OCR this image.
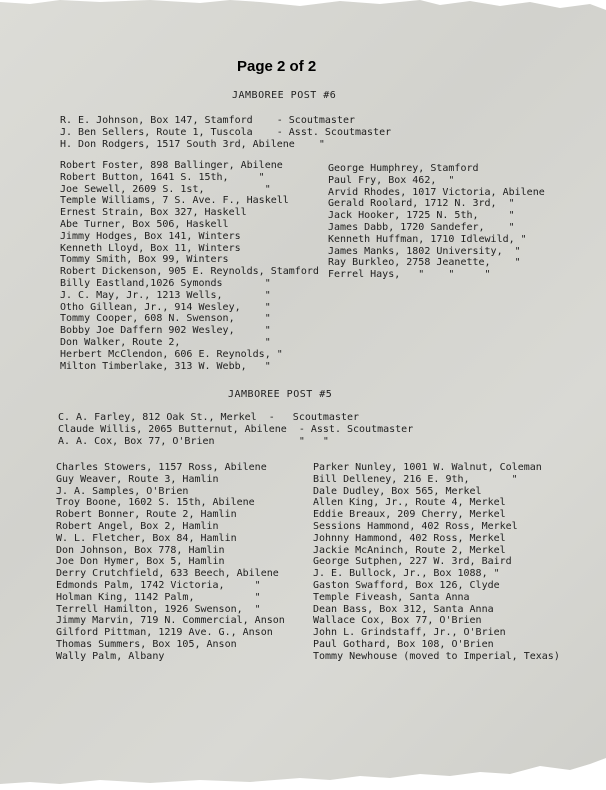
Page 2 of 2
JAMBOREE POST #6
R. E. Johnson, Box 147, Stamford    - Scoutmaster
J. Ben Sellers, Route 1, Tuscola    - Asst. Scoutmaster
H. Don Rodgers, 1517 South 3rd, Abilene    "
Robert Foster, 898 Ballinger, Abilene
Robert Button, 1641 S. 15th,     "
Joe Sewell, 2609 S. 1st,          "
Temple Williams, 7 S. Ave. F., Haskell
Ernest Strain, Box 327, Haskell
Abe Turner, Box 506, Haskell
Jimmy Hodges, Box 141, Winters
Kenneth Lloyd, Box 11, Winters
Tommy Smith, Box 99, Winters
Robert Dickenson, 905 E. Reynolds, Stamford
Billy Eastland,1026 Symonds       "
J. C. May, Jr., 1213 Wells,       "
Otho Gillean, Jr., 914 Wesley,    "
Tommy Cooper, 608 N. Swenson,     "
Bobby Joe Daffern 902 Wesley,     "
Don Walker, Route 2,              "
Herbert McClendon, 606 E. Reynolds, "
Milton Timberlake, 313 W. Webb,   "
George Humphrey, Stamford
Paul Fry, Box 462,  "
Arvid Rhodes, 1017 Victoria, Abilene
Gerald Roolard, 1712 N. 3rd,  "
Jack Hooker, 1725 N. 5th,     "
James Dabb, 1720 Sandefer,    "
Kenneth Huffman, 1710 Idlewild, "
James Manks, 1802 University,  "
Ray Burkleo, 2758 Jeanette,    "
Ferrel Hays,   "    "     "
JAMBOREE POST #5
C. A. Farley, 812 Oak St., Merkel  -   Scoutmaster
Claude Willis, 2065 Butternut, Abilene  - Asst. Scoutmaster
A. A. Cox, Box 77, O'Brien              "   "
Charles Stowers, 1157 Ross, Abilene
Guy Weaver, Route 3, Hamlin
J. A. Samples, O'Brien
Troy Boone, 1602 S. 15th, Abilene
Robert Bonner, Route 2, Hamlin
Robert Angel, Box 2, Hamlin
W. L. Fletcher, Box 84, Hamlin
Don Johnson, Box 778, Hamlin
Joe Don Hymer, Box 5, Hamlin
Derry Crutchfield, 633 Beech, Abilene
Edmonds Palm, 1742 Victoria,     "
Holman King, 1142 Palm,          "
Terrell Hamilton, 1926 Swenson,  "
Jimmy Marvin, 719 N. Commercial, Anson
Gilford Pittman, 1219 Ave. G., Anson
Thomas Summers, Box 105, Anson
Wally Palm, Albany
Parker Nunley, 1001 W. Walnut, Coleman
Bill Delleney, 216 E. 9th,       "
Dale Dudley, Box 565, Merkel
Allen King, Jr., Route 4, Merkel
Eddie Breaux, 209 Cherry, Merkel
Sessions Hammond, 402 Ross, Merkel
Johnny Hammond, 402 Ross, Merkel
Jackie McAninch, Route 2, Merkel
George Sutphen, 227 W. 3rd, Baird
J. E. Bullock, Jr., Box 1088, "
Gaston Swafford, Box 126, Clyde
Temple Fiveash, Santa Anna
Dean Bass, Box 312, Santa Anna
Wallace Cox, Box 77, O'Brien
John L. Grindstaff, Jr., O'Brien
Paul Gothard, Box 108, O'Brien
Tommy Newhouse (moved to Imperial, Texas)
